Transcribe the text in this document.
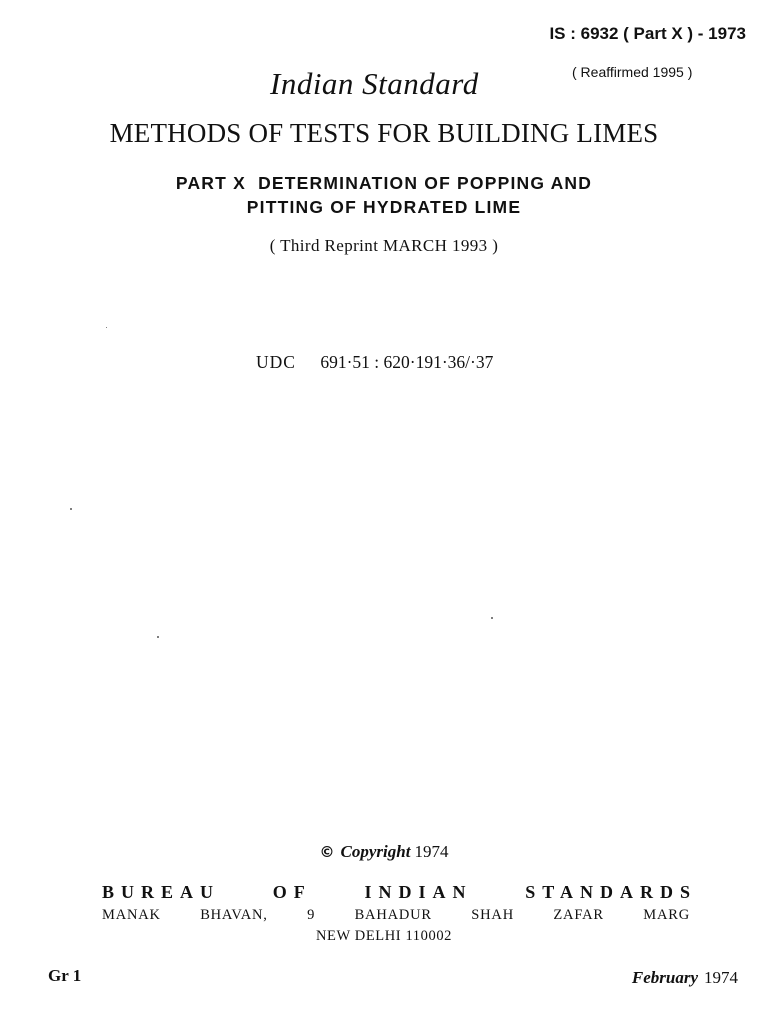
IS : 6932 ( Part X ) - 1973
Indian Standard	( Reaffirmed 1995 )
METHODS OF TESTS FOR BUILDING LIMES
PART X  DETERMINATION OF POPPING AND
PITTING OF HYDRATED LIME
( Third Reprint MARCH 1993 )
UDC 691·51 : 620·191·36/·37
© Copyright 1974
BUREAU	OF	INDIAN	STANDARDS
MANAK	BHAVAN,	9	BAHADUR	SHAH	ZAFAR	MARG
NEW DELHI 110002
Gr 1	February 1974
